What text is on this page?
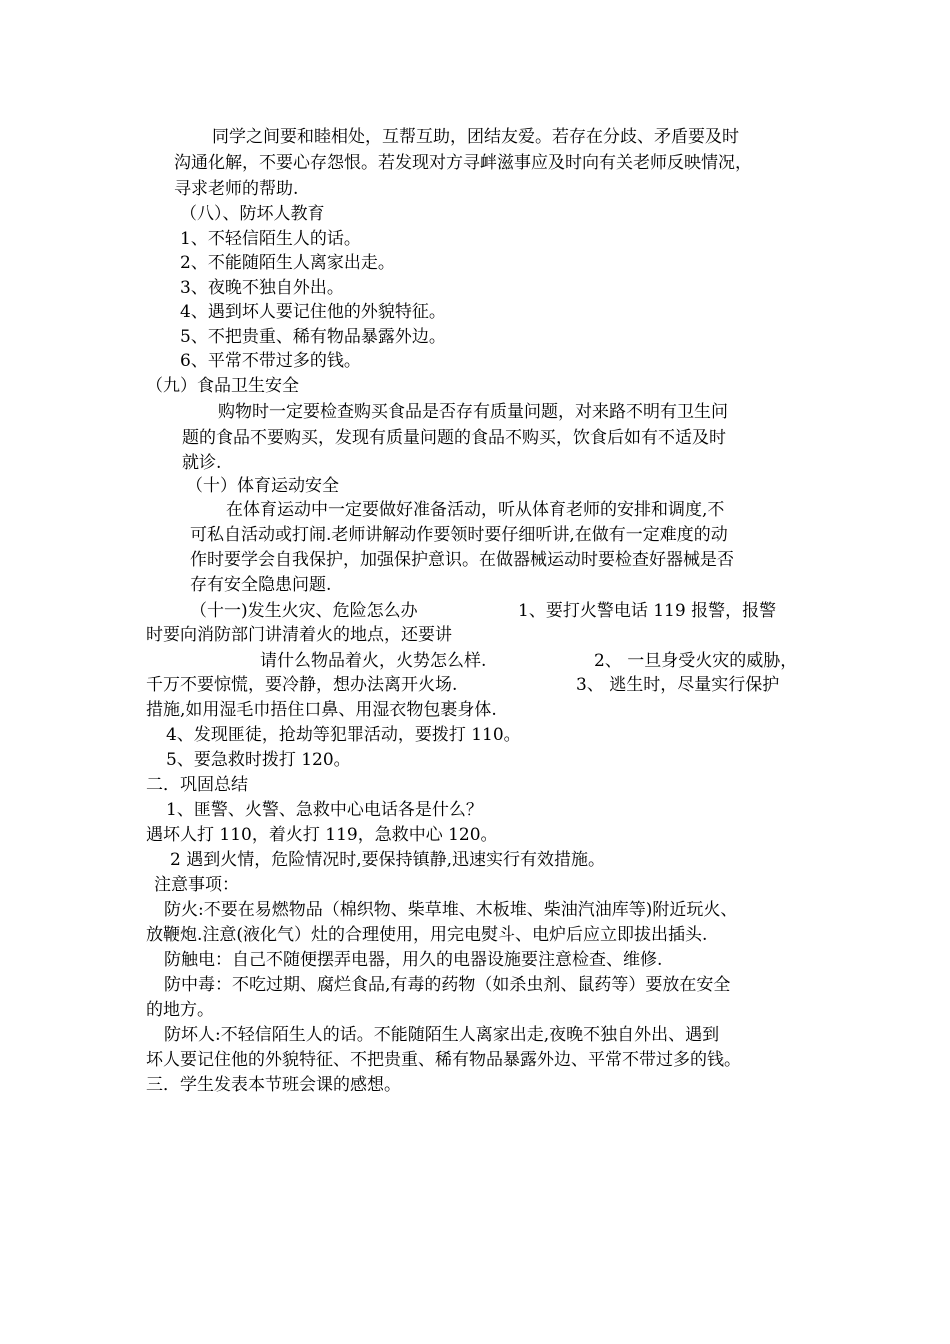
同学之间要和睦相处，互帮互助，团结友爱。若存在分歧、矛盾要及时

沟通化解，不要心存怨恨。若发现对方寻衅滋事应及时向有关老师反映情况，

寻求老师的帮助.

（八）、防坏人教育

1、不轻信陌生人的话。

2、不能随陌生人离家出走。

3、夜晚不独自外出。

4、遇到坏人要记住他的外貌特征。

5、不把贵重、稀有物品暴露外边。

6、平常不带过多的钱。

（九）食品卫生安全

购物时一定要检查购买食品是否存有质量问题，对来路不明有卫生问

题的食品不要购买，发现有质量问题的食品不购买，饮食后如有不适及时

就诊.

（十）体育运动安全

在体育运动中一定要做好准备活动，听从体育老师的安排和调度,不

可私自活动或打闹.老师讲解动作要领时要仔细听讲,在做有一定难度的动

作时要学会自我保护，加强保护意识。在做器械运动时要检查好器械是否

存有安全隐患问题.

（十一)发生火灾、危险怎么办	1、要打火警电话 119 报警，报警

时要向消防部门讲清着火的地点，还要讲

请什么物品着火，火势怎么样.	2、 一旦身受火灾的威胁，

千万不要惊慌，要冷静，想办法离开火场.	3、 逃生时，尽量实行保护

措施,如用湿毛巾捂住口鼻、用湿衣物包裹身体.

4、发现匪徒，抢劫等犯罪活动，要拨打 110。

5、要急救时拨打 120。

二．巩固总结

1、匪警、火警、急救中心电话各是什么？

遇坏人打 110，着火打 119，急救中心 120。

2 遇到火情，危险情况时,要保持镇静,迅速实行有效措施。

注意事项：

防火:不要在易燃物品（棉织物、柴草堆、木板堆、柴油汽油库等)附近玩火、

放鞭炮.注意(液化气）灶的合理使用，用完电熨斗、电炉后应立即拔出插头.

防触电：自己不随便摆弄电器，用久的电器设施要注意检查、维修.

防中毒：不吃过期、腐烂食品,有毒的药物（如杀虫剂、鼠药等）要放在安全

的地方。

防坏人:不轻信陌生人的话。不能随陌生人离家出走,夜晚不独自外出、遇到

坏人要记住他的外貌特征、不把贵重、稀有物品暴露外边、平常不带过多的钱。

三．学生发表本节班会课的感想。
